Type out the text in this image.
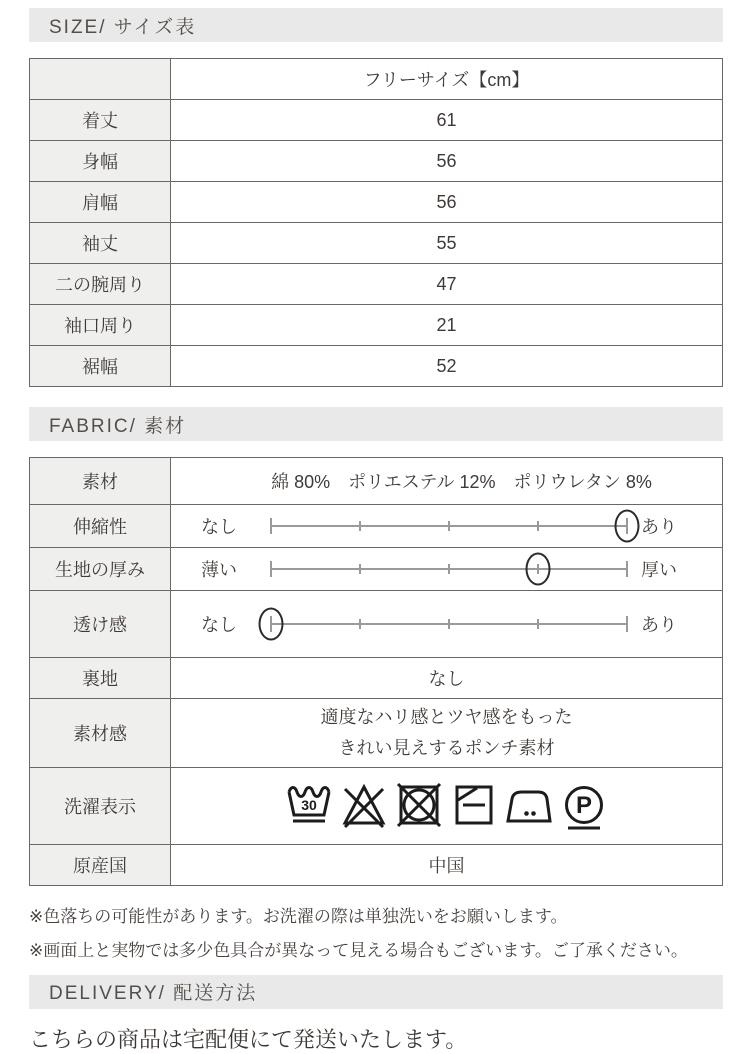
SIZE/ サイズ表
	フリーサイズ【cm】
着丈	61
身幅	56
肩幅	56
袖丈	55
二の腕周り	47
袖口周り	21
裾幅	52
FABRIC/ 素材
素材	綿 80%　ポリエステル 12%　ポリウレタン 8%
伸縮性	なし あり

生地の厚み	薄い 厚い

透け感	なし あり

裏地	なし
素材感	適度なハリ感とツヤ感をもった
きれい見えするポンチ素材

洗濯表示	30 P

原産国	中国

※色落ちの可能性があります。お洗濯の際は単独洗いをお願いします。

※画面上と実物では多少色具合が異なって見える場合もございます。ご了承ください。

DELIVERY/ 配送方法

こちらの商品は宅配便にて発送いたします。
